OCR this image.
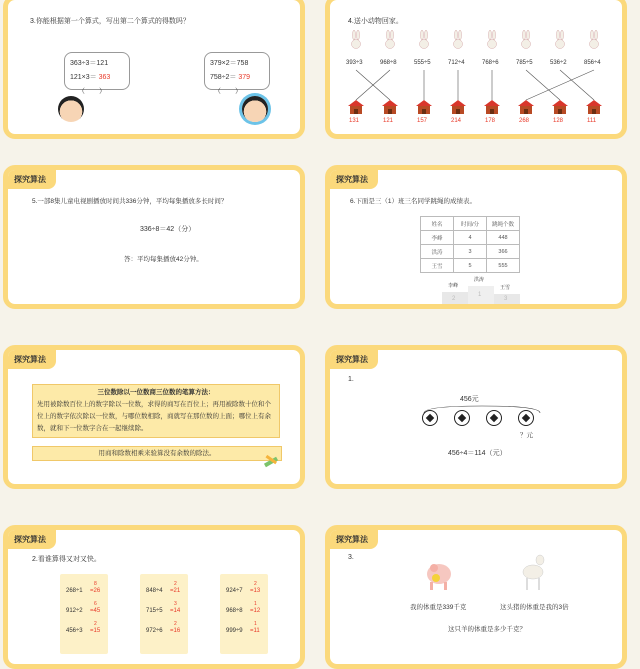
3.你能根据第一个算式，写出第二个算式的得数吗？
363÷3＝121
121×3＝ 363
（　　）
379×2＝758
758÷2＝ 379
（　　）
4.送小动物回家。
393÷3	968÷8	555÷5	712÷4	768÷6	785÷5	536÷2	856÷4
131	121	157	214	178	268	128	111
探究算法
5.一部8集儿童电视剧播放时间共336分钟，平均每集播放多长时间？
336÷8＝42（分）
答：平均每集播放42分钟。
探究算法
6.下面是三（1）班三名同学跳绳的成绩表。
姓名	时间/分	跳绳个数
李峰	4	448
洪涛	3	366
王雪	5	555
李峰
洪涛
王雪
2
1
3
探究算法
三位数除以一位数商三位数的笔算方法：
先用被除数百位上的数字除以一位数，求得的商写在百位上；再用被除数十位和个位上的数字依次除以一位数，与哪位数相除，商就写在那位数的上面；哪位上有余数，就和下一位数字合在一起继续除。
用商和除数相乘来验算没有余数的除法。
探究算法
1.
456元
？元
456÷4＝114（元）
探究算法
2.看谁算得又对又快。
268÷1 =26
8
912÷2 =45
6
456÷3 =15
2
848÷4 =21
2
715÷5 =14
3
972÷6 =16
2
924÷7 =13
2
968÷8 =12
1
999÷9 =11
1
探究算法
3.
我的体重是339千克	这头猪的体重是我的3倍
这只羊的体重是多少千克？
